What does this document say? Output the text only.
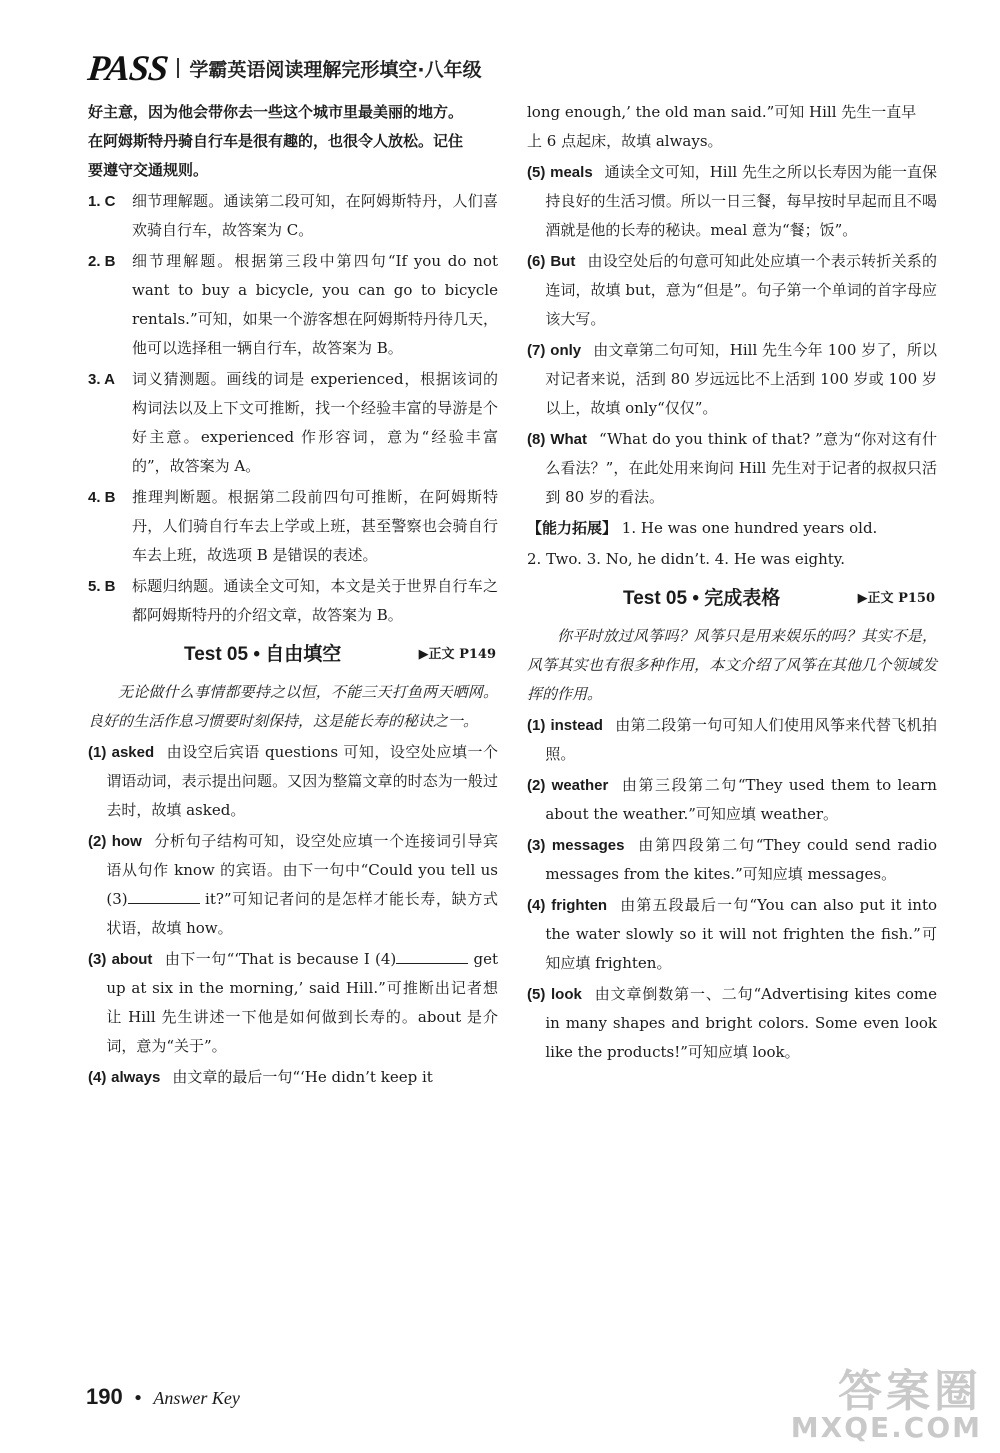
PASS 学霸英语阅读理解完形填空·八年级

好主意，因为他会带你去一些这个城市里最美丽的地方。

在阿姆斯特丹骑自行车是很有趣的，也很令人放松。记住

要遵守交通规则。

1. C	细节理解题。通读第二段可知，在阿姆斯特丹，人们喜欢骑自行车，故答案为 C。
2. B	细节理解题。根据第三段中第四句“If you do not want to buy a bicycle, you can go to bicycle rentals.”可知，如果一个游客想在阿姆斯特丹待几天，他可以选择租一辆自行车，故答案为 B。
3. A	词义猜测题。画线的词是 experienced，根据该词的构词法以及上下文可推断，找一个经验丰富的导游是个好主意。experienced 作形容词，意为“经验丰富的”，故答案为 A。
4. B	推理判断题。根据第二段前四句可推断，在阿姆斯特丹，人们骑自行车去上学或上班，甚至警察也会骑自行车去上班，故选项 B 是错误的表述。
5. B	标题归纳题。通读全文可知，本文是关于世界自行车之都阿姆斯特丹的介绍文章，故答案为 B。
Test 05 • 自由填空	▶正文 P149

无论做什么事情都要持之以恒，不能三天打鱼两天晒网。良好的生活作息习惯要时刻保持，这是能长寿的秘诀之一。

(1) asked 由设空后宾语 questions 可知，设空处应填一个谓语动词，表示提出问题。又因为整篇文章的时态为一般过去时，故填 asked。
(2) how 分析句子结构可知，设空处应填一个连接词引导宾语从句作 know 的宾语。由下一句中“Could you tell us (3)	it?”可知记者问的是怎样才能长寿，缺方式状语，故填 how。
(3) about 由下一句“‘That is because I (4)	get up at six in the morning,’ said Hill.”可推断出记者想让 Hill 先生讲述一下他是如何做到长寿的。about 是介词，意为“关于”。
(4) always 由文章的最后一句“‘He didn’t keep it

long enough,’ the old man said.”可知 Hill 先生一直早

上 6 点起床，故填 always。

(5) meals 通读全文可知，Hill 先生之所以长寿因为能一直保持良好的生活习惯。所以一日三餐，每早按时早起而且不喝酒就是他的长寿的秘诀。meal 意为“餐；饭”。
(6) But 由设空处后的句意可知此处应填一个表示转折关系的连词，故填 but，意为“但是”。句子第一个单词的首字母应该大写。
(7) only 由文章第二句可知，Hill 先生今年 100 岁了，所以对记者来说，活到 80 岁远远比不上活到 100 岁或 100 岁以上，故填 only“仅仅”。
(8) What “What do you think of that? ”意为“你对这有什么看法？”，在此处用来询问 Hill 先生对于记者的叔叔只活到 80 岁的看法。

【能力拓展】 1. He was one hundred years old.

2. Two. 3. No, he didn’t. 4. He was eighty.

Test 05 • 完成表格	▶正文 P150

你平时放过风筝吗？风筝只是用来娱乐的吗？其实不是，风筝其实也有很多种作用，本文介绍了风筝在其他几个领域发挥的作用。

(1) instead 由第二段第一句可知人们使用风筝来代替飞机拍照。
(2) weather 由第三段第二句“They used them to learn about the weather.”可知应填 weather。
(3) messages 由第四段第二句“They could send radio messages from the kites.”可知应填 messages。
(4) frighten 由第五段最后一句“You can also put it into the water slowly so it will not frighten the fish.”可知应填 frighten。
(5) look 由文章倒数第一、二句“Advertising kites come in many shapes and bright colors. Some even look like the products!”可知应填 look。
190 • Answer Key	答案圈
MXQE.COM
